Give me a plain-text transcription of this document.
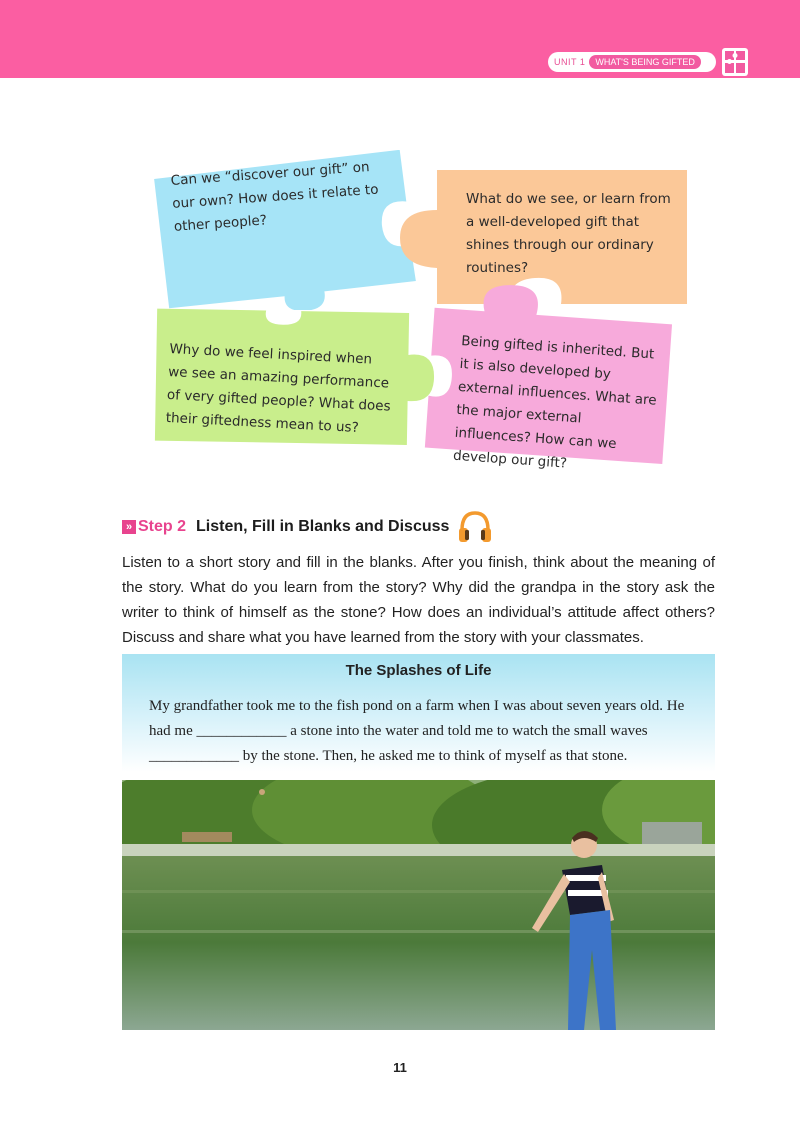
UNIT 1	WHAT'S BEING GIFTED
Can we “discover our gift” on our own? How does it relate to other people?
What do we see, or learn from a well-developed gift that shines through our ordinary routines?
Why do we feel inspired when we see an amazing performance of very gifted people? What does their giftedness mean to us?
Being gifted is inherited. But it is also developed by external influences. What are the major external influences? How can we develop our gift?
» Step 2 Listen, Fill in Blanks and Discuss
Listen to a short story and fill in the blanks. After you finish, think about the meaning of the story. What do you learn from the story? Why did the grandpa in the story ask the writer to think of himself as the stone? How does an individual’s attitude affect others? Discuss and share what you have learned from the story with your classmates.
The Splashes of Life
My grandfather took me to the fish pond on a farm when I was about seven years old. He had me ____________ a stone into the water and told me to watch the small waves ____________ by the stone. Then, he asked me to think of myself as that stone.
11
